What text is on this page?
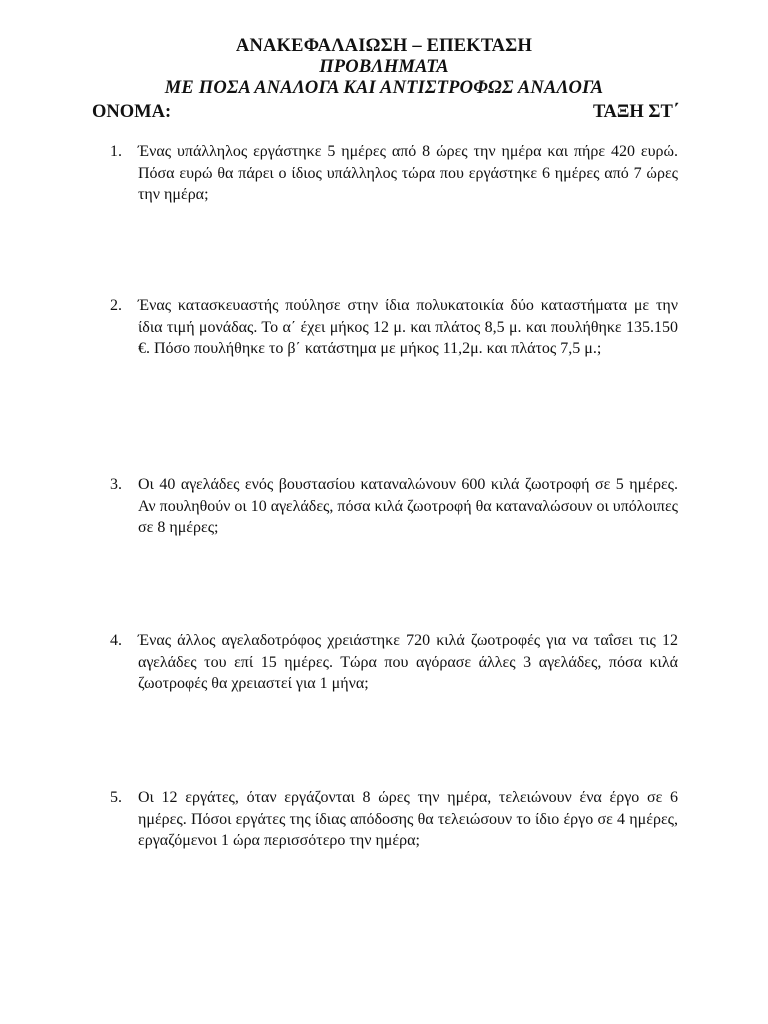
ΑΝΑΚΕΦΑΛΑΙΩΣΗ – ΕΠΕΚΤΑΣΗ
ΠΡΟΒΛΗΜΑΤΑ
ΜΕ ΠΟΣΑ ΑΝΑΛΟΓΑ ΚΑΙ ΑΝΤΙΣΤΡΟΦΩΣ ΑΝΑΛΟΓΑ
ΟΝΟΜΑ:	ΤΑΞΗ ΣΤ΄
1. Ένας υπάλληλος εργάστηκε 5 ημέρες από 8 ώρες την ημέρα και πήρε 420 ευρώ. Πόσα ευρώ θα πάρει ο ίδιος υπάλληλος τώρα που εργάστηκε 6 ημέρες από 7 ώρες την ημέρα;
2. Ένας κατασκευαστής πούλησε στην ίδια πολυκατοικία δύο καταστήματα με την ίδια τιμή μονάδας. Το α΄ έχει μήκος 12 μ. και πλάτος 8,5 μ. και πουλήθηκε 135.150 €. Πόσο πουλήθηκε το β΄ κατάστημα με μήκος 11,2μ. και πλάτος 7,5 μ.;
3. Οι 40 αγελάδες ενός βουστασίου καταναλώνουν 600 κιλά ζωοτροφή σε 5 ημέρες. Αν πουληθούν οι 10 αγελάδες, πόσα κιλά ζωοτροφή θα καταναλώσουν οι υπόλοιπες σε 8 ημέρες;
4. Ένας άλλος αγελαδοτρόφος χρειάστηκε 720 κιλά ζωοτροφές για να ταΐσει τις 12 αγελάδες του επί 15 ημέρες. Τώρα που αγόρασε άλλες 3 αγελάδες, πόσα κιλά ζωοτροφές θα χρειαστεί για 1 μήνα;
5. Οι 12 εργάτες, όταν εργάζονται 8 ώρες την ημέρα, τελειώνουν ένα έργο σε 6 ημέρες. Πόσοι εργάτες της ίδιας απόδοσης θα τελειώσουν το ίδιο έργο σε 4 ημέρες, εργαζόμενοι 1 ώρα περισσότερο την ημέρα;
